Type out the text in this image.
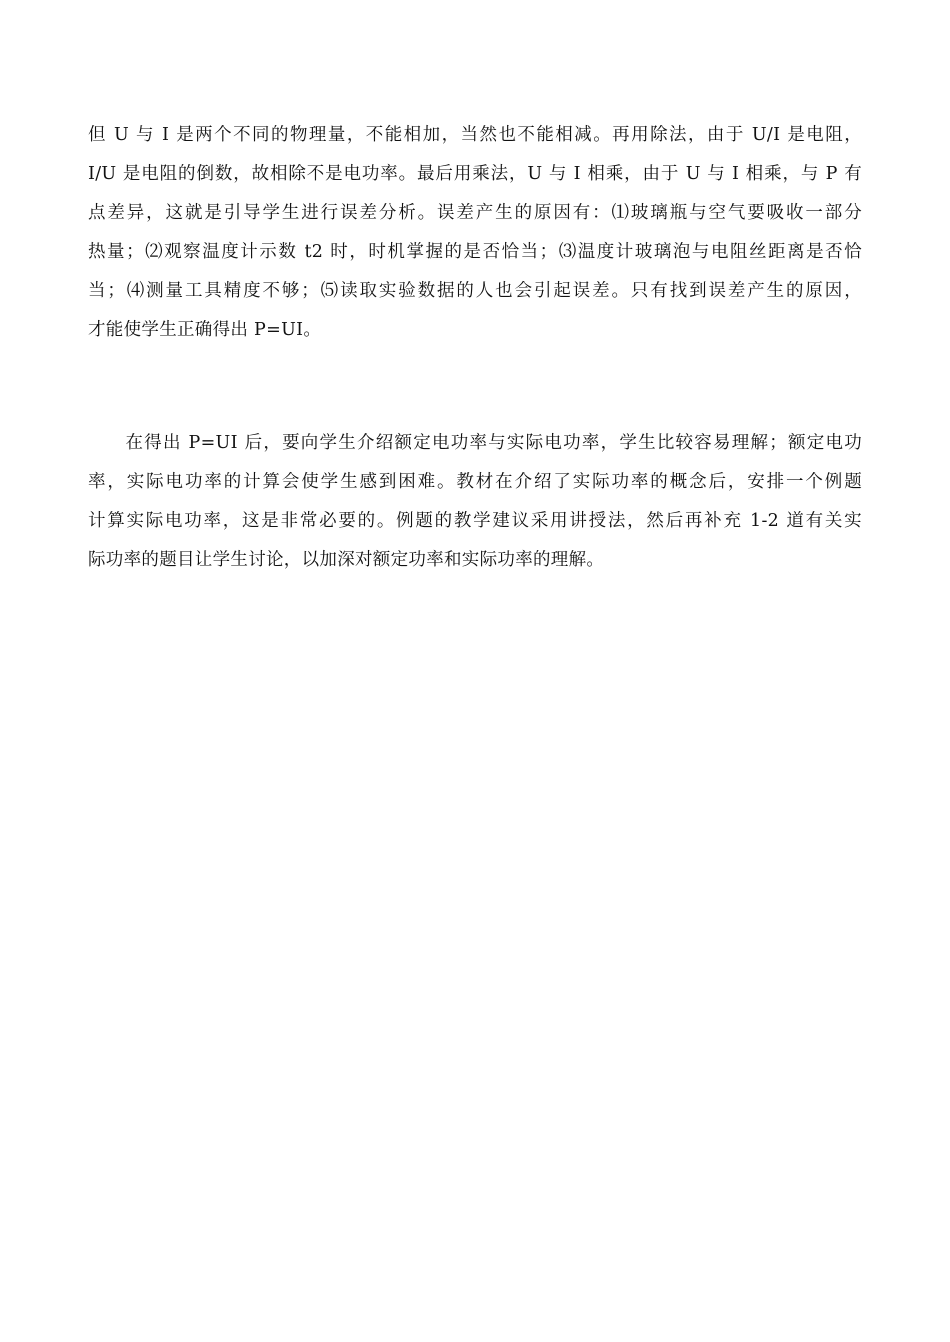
但 U 与 I 是两个不同的物理量，不能相加，当然也不能相减。再用除法，由于 U/I 是电阻，
I/U 是电阻的倒数，故相除不是电功率。最后用乘法，U 与 I 相乘，由于 U 与 I 相乘，与 P 有
点差异，这就是引导学生进行误差分析。误差产生的原因有：⑴玻璃瓶与空气要吸收一部分
热量；⑵观察温度计示数 t2 时，时机掌握的是否恰当；⑶温度计玻璃泡与电阻丝距离是否恰
当；⑷测量工具精度不够；⑸读取实验数据的人也会引起误差。只有找到误差产生的原因，
才能使学生正确得出 P=UI。
　　在得出 P=UI 后，要向学生介绍额定电功率与实际电功率，学生比较容易理解；额定电功
率，实际电功率的计算会使学生感到困难。教材在介绍了实际功率的概念后，安排一个例题
计算实际电功率，这是非常必要的。例题的教学建议采用讲授法，然后再补充 1-2 道有关实
际功率的题目让学生讨论，以加深对额定功率和实际功率的理解。
